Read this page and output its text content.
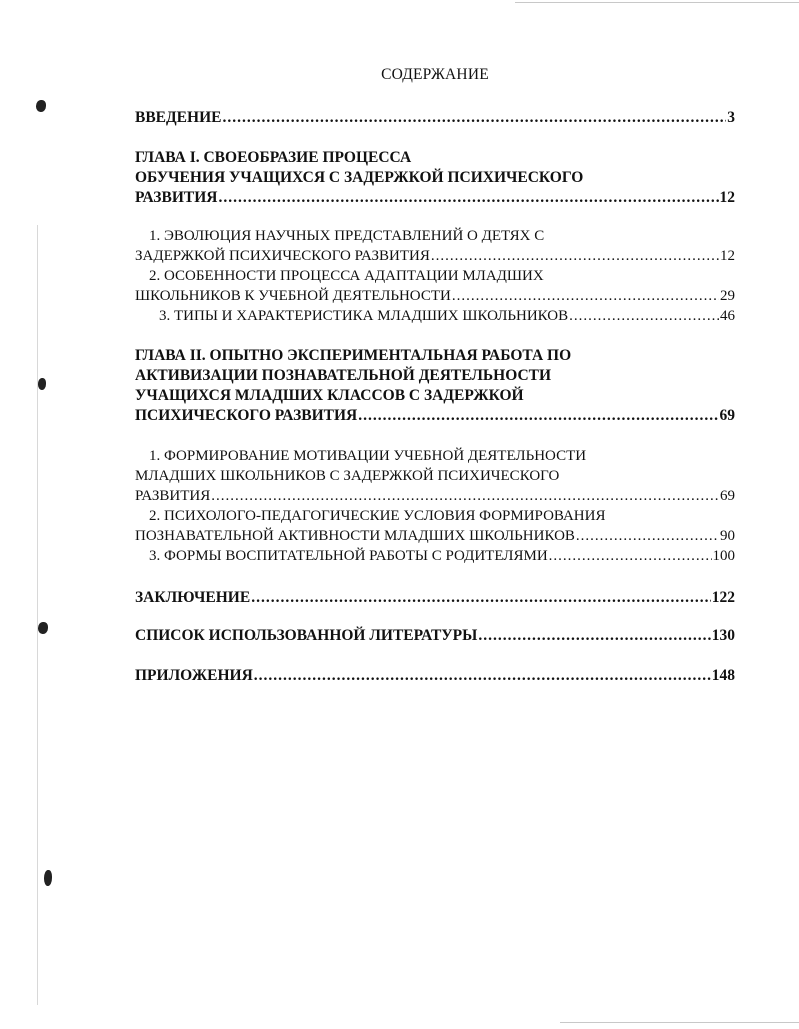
СОДЕРЖАНИЕ
ВВЕДЕНИЕ .....	3
ГЛАВА I. СВОЕОБРАЗИЕ ПРОЦЕССА
ОБУЧЕНИЯ УЧАЩИХСЯ С ЗАДЕРЖКОЙ ПСИХИЧЕСКОГО
РАЗВИТИЯ .....	12
1. ЭВОЛЮЦИЯ НАУЧНЫХ ПРЕДСТАВЛЕНИЙ О ДЕТЯХ С
ЗАДЕРЖКОЙ ПСИХИЧЕСКОГО РАЗВИТИЯ .....	12
2. ОСОБЕННОСТИ ПРОЦЕССА АДАПТАЦИИ МЛАДШИХ
ШКОЛЬНИКОВ К УЧЕБНОЙ ДЕЯТЕЛЬНОСТИ .....	29
3. ТИПЫ И ХАРАКТЕРИСТИКА МЛАДШИХ ШКОЛЬНИКОВ .....	46
ГЛАВА II. ОПЫТНО ЭКСПЕРИМЕНТАЛЬНАЯ РАБОТА ПО
АКТИВИЗАЦИИ ПОЗНАВАТЕЛЬНОЙ ДЕЯТЕЛЬНОСТИ
УЧАЩИХСЯ МЛАДШИХ КЛАССОВ С ЗАДЕРЖКОЙ
ПСИХИЧЕСКОГО РАЗВИТИЯ .....	69
1. ФОРМИРОВАНИЕ МОТИВАЦИИ УЧЕБНОЙ ДЕЯТЕЛЬНОСТИ
МЛАДШИХ ШКОЛЬНИКОВ С ЗАДЕРЖКОЙ ПСИХИЧЕСКОГО
РАЗВИТИЯ .....	69
2. ПСИХОЛОГО-ПЕДАГОГИЧЕСКИЕ УСЛОВИЯ ФОРМИРОВАНИЯ
ПОЗНАВАТЕЛЬНОЙ АКТИВНОСТИ МЛАДШИХ ШКОЛЬНИКОВ .....	90
3. ФОРМЫ ВОСПИТАТЕЛЬНОЙ РАБОТЫ С РОДИТЕЛЯМИ .....	100
ЗАКЛЮЧЕНИЕ .....	122
СПИСОК ИСПОЛЬЗОВАННОЙ ЛИТЕРАТУРЫ .....	130
ПРИЛОЖЕНИЯ .....	148
